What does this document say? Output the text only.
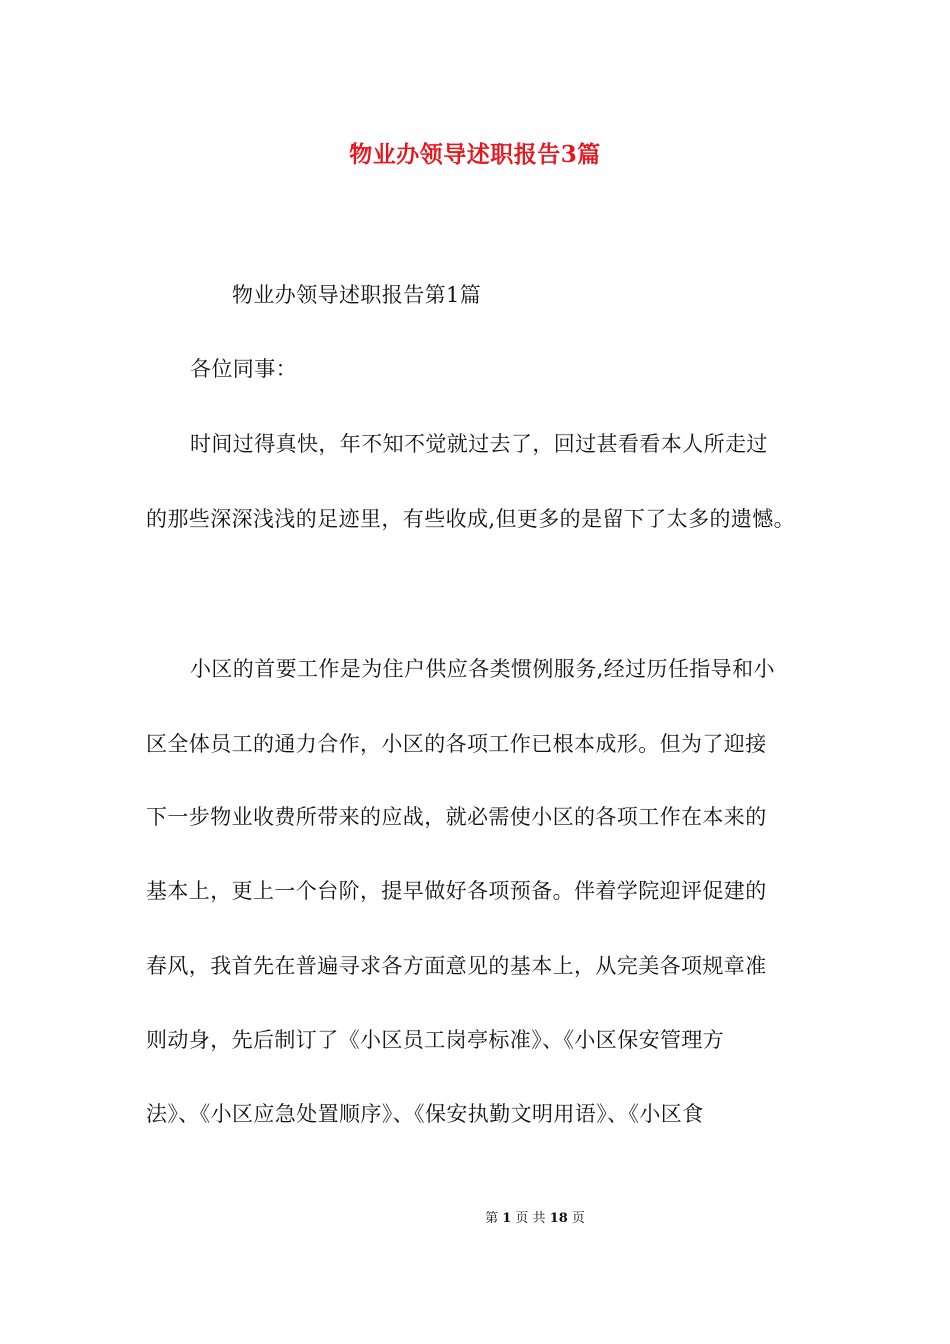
物业办领导述职报告3篇
物业办领导述职报告第1篇
各位同事：
时间过得真快，年不知不觉就过去了，回过甚看看本人所走过
的那些深深浅浅的足迹里，有些收成,但更多的是留下了太多的遗憾。
小区的首要工作是为住户供应各类惯例服务,经过历任指导和小
区全体员工的通力合作，小区的各项工作已根本成形。但为了迎接
下一步物业收费所带来的应战，就必需使小区的各项工作在本来的
基本上，更上一个台阶，提早做好各项预备。伴着学院迎评促建的
春风，我首先在普遍寻求各方面意见的基本上，从完美各项规章准
则动身，先后制订了《小区员工岗亭标准》、《小区保安管理方
法》、《小区应急处置顺序》、《保安执勤文明用语》、《小区食
第 1 页 共 18 页
